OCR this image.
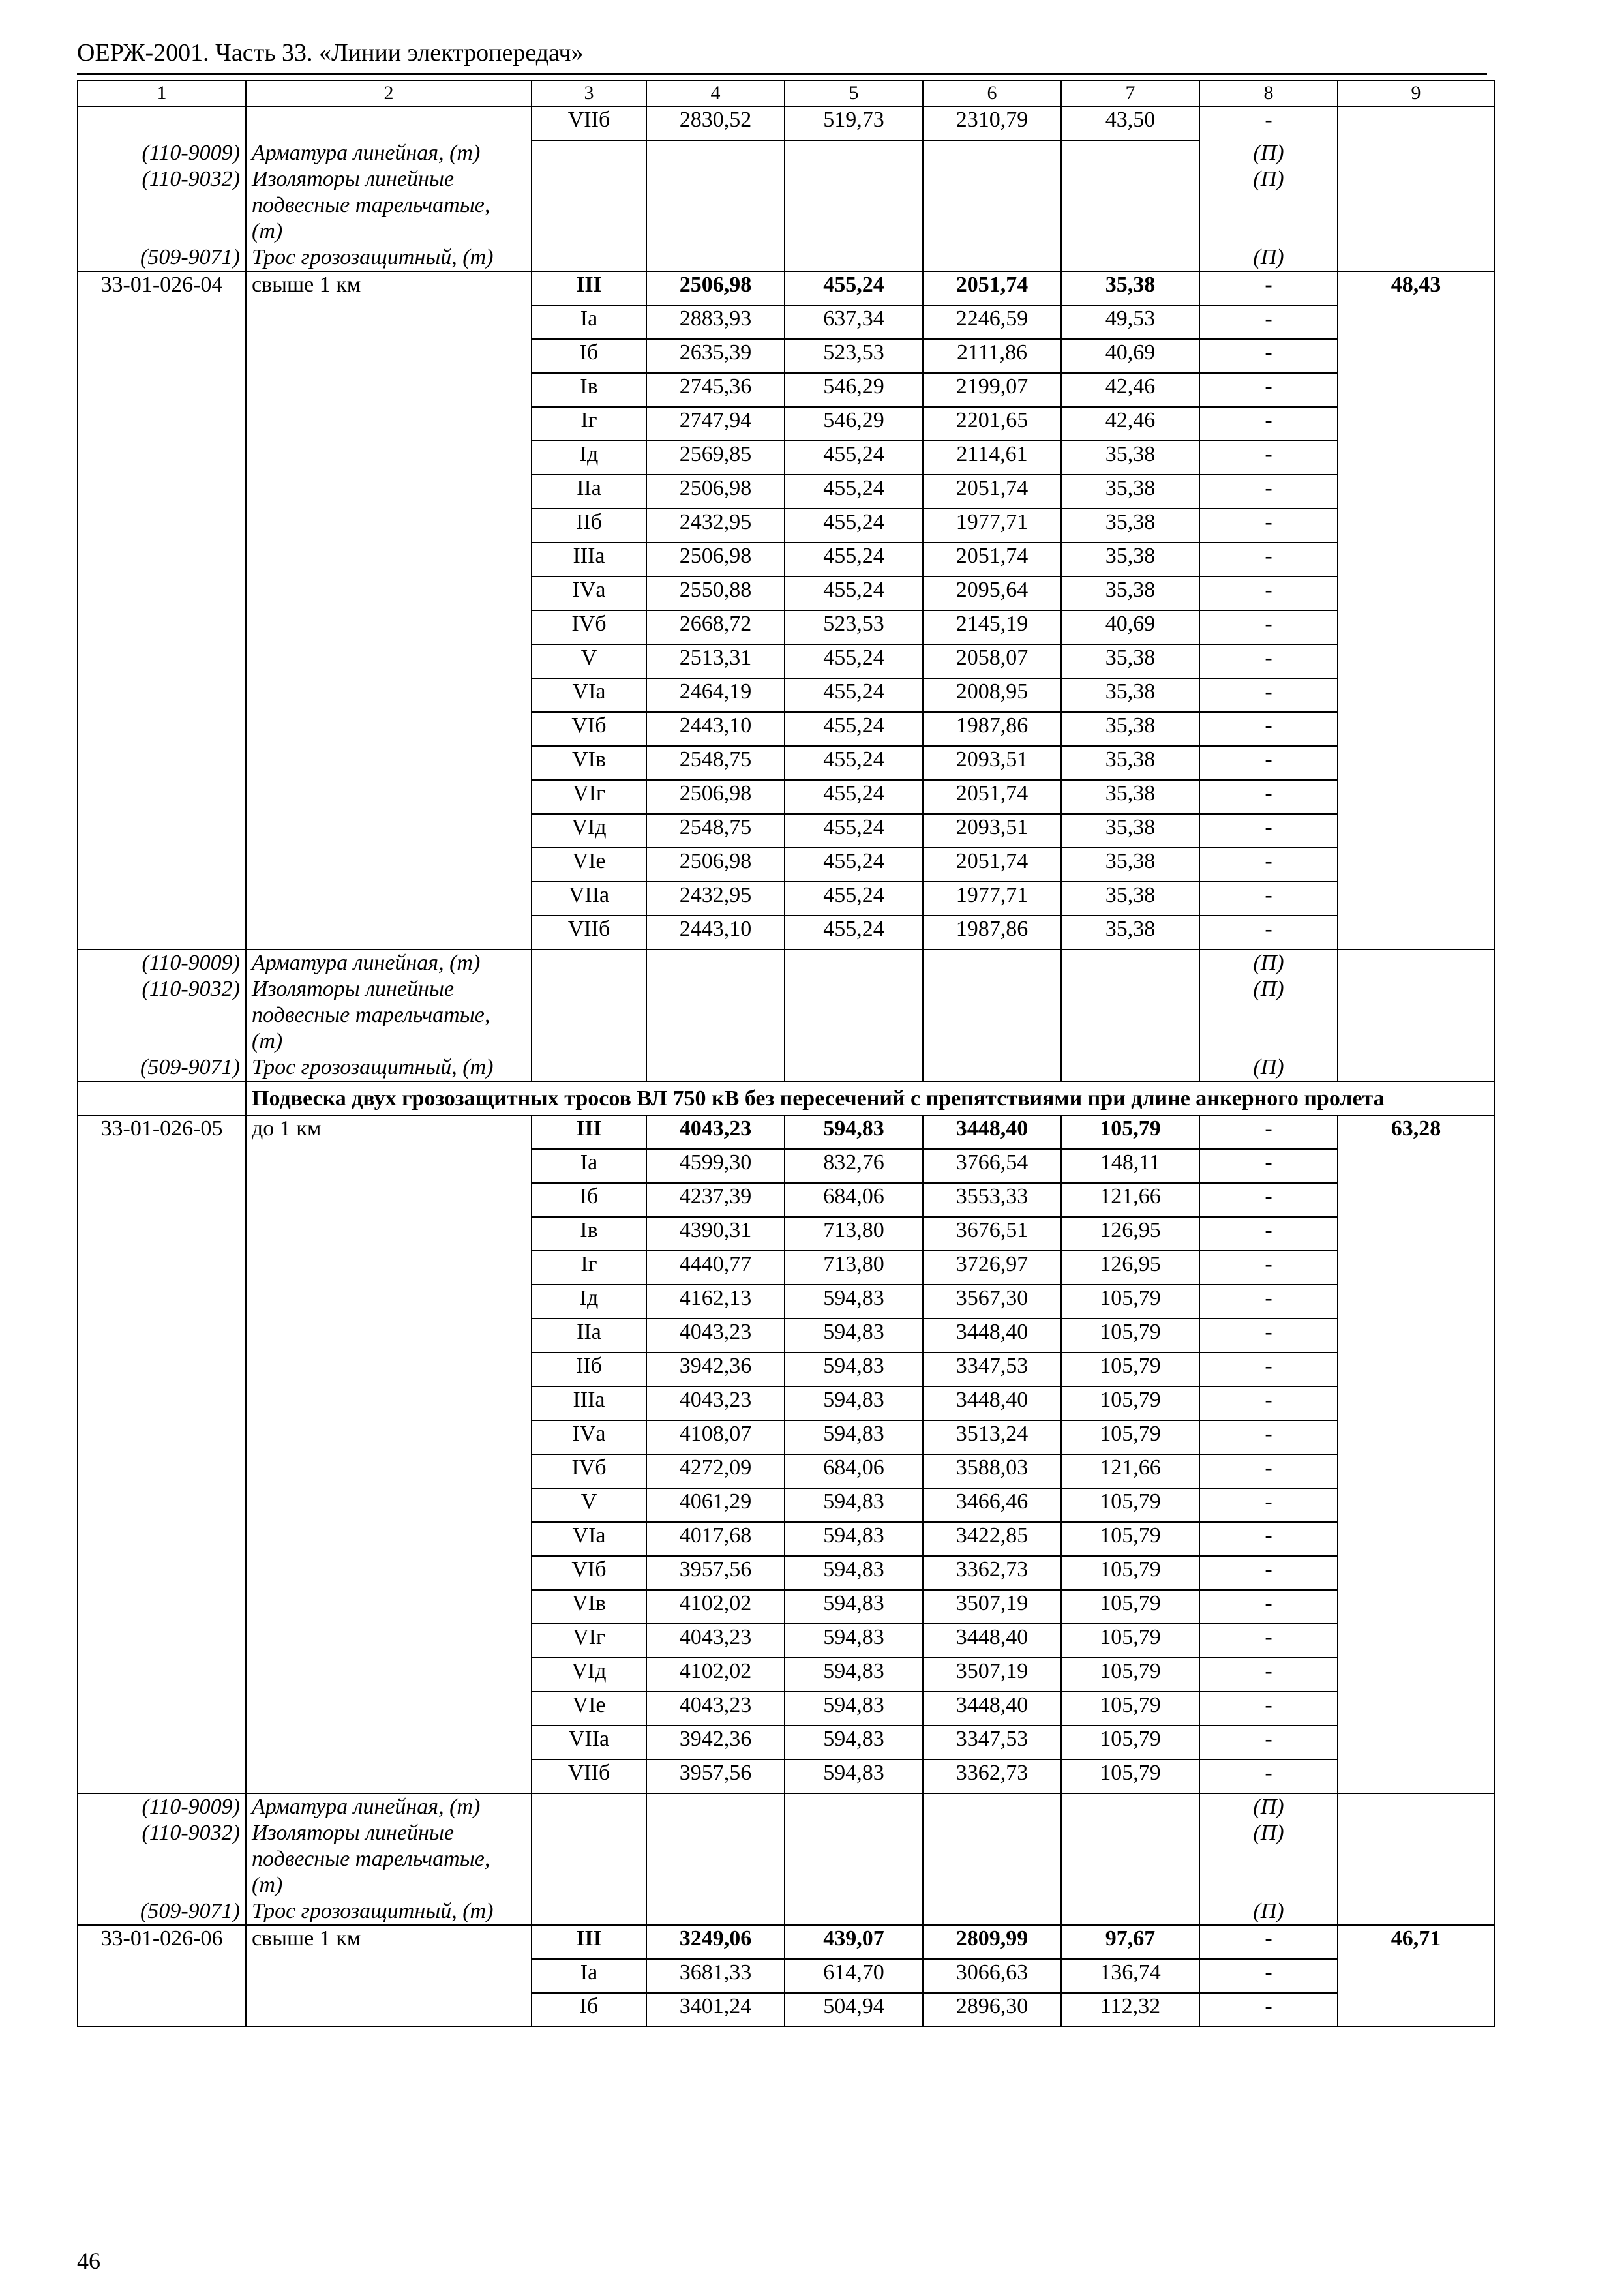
ОЕРЖ-2001. Часть 33. «Линии электропередач»
1	2	3	4	5	6	7	8	9
		VIIб	2830,52	519,73	2310,79	43,50	-	
(110-9009)	Арматура линейная, (т)						(П)	
(110-9032)	Изоляторы линейные подвесные тарельчатые, (т)						(П)	
(509-9071)	Трос грозозащитный, (т)						(П)	
33-01-026-04	свыше 1 км	III	2506,98	455,24	2051,74	35,38	-	48,43
		Iа	2883,93	637,34	2246,59	49,53	-	
		Iб	2635,39	523,53	2111,86	40,69	-	
		Iв	2745,36	546,29	2199,07	42,46	-	
		Iг	2747,94	546,29	2201,65	42,46	-	
		Iд	2569,85	455,24	2114,61	35,38	-	
		IIа	2506,98	455,24	2051,74	35,38	-	
		IIб	2432,95	455,24	1977,71	35,38	-	
		IIIа	2506,98	455,24	2051,74	35,38	-	
		IVа	2550,88	455,24	2095,64	35,38	-	
		IVб	2668,72	523,53	2145,19	40,69	-	
		V	2513,31	455,24	2058,07	35,38	-	
		VIа	2464,19	455,24	2008,95	35,38	-	
		VIб	2443,10	455,24	1987,86	35,38	-	
		VIв	2548,75	455,24	2093,51	35,38	-	
		VIг	2506,98	455,24	2051,74	35,38	-	
		VIд	2548,75	455,24	2093,51	35,38	-	
		VIе	2506,98	455,24	2051,74	35,38	-	
		VIIа	2432,95	455,24	1977,71	35,38	-	
		VIIб	2443,10	455,24	1987,86	35,38	-	
(110-9009)	Арматура линейная, (т)						(П)	
(110-9032)	Изоляторы линейные подвесные тарельчатые, (т)						(П)	
(509-9071)	Трос грозозащитный, (т)						(П)	
	Подвеска двух грозозащитных тросов ВЛ 750 кВ без пересечений с препятствиями при длине анкерного пролета							
33-01-026-05	до 1 км	III	4043,23	594,83	3448,40	105,79	-	63,28
		Iа	4599,30	832,76	3766,54	148,11	-	
		Iб	4237,39	684,06	3553,33	121,66	-	
		Iв	4390,31	713,80	3676,51	126,95	-	
		Iг	4440,77	713,80	3726,97	126,95	-	
		Iд	4162,13	594,83	3567,30	105,79	-	
		IIа	4043,23	594,83	3448,40	105,79	-	
		IIб	3942,36	594,83	3347,53	105,79	-	
		IIIа	4043,23	594,83	3448,40	105,79	-	
		IVа	4108,07	594,83	3513,24	105,79	-	
		IVб	4272,09	684,06	3588,03	121,66	-	
		V	4061,29	594,83	3466,46	105,79	-	
		VIа	4017,68	594,83	3422,85	105,79	-	
		VIб	3957,56	594,83	3362,73	105,79	-	
		VIв	4102,02	594,83	3507,19	105,79	-	
		VIг	4043,23	594,83	3448,40	105,79	-	
		VIд	4102,02	594,83	3507,19	105,79	-	
		VIе	4043,23	594,83	3448,40	105,79	-	
		VIIа	3942,36	594,83	3347,53	105,79	-	
		VIIб	3957,56	594,83	3362,73	105,79	-	
(110-9009)	Арматура линейная, (т)						(П)	
(110-9032)	Изоляторы линейные подвесные тарельчатые, (т)						(П)	
(509-9071)	Трос грозозащитный, (т)						(П)	
33-01-026-06	свыше 1 км	III	3249,06	439,07	2809,99	97,67	-	46,71
		Iа	3681,33	614,70	3066,63	136,74	-	
		Iб	3401,24	504,94	2896,30	112,32	-	
46
